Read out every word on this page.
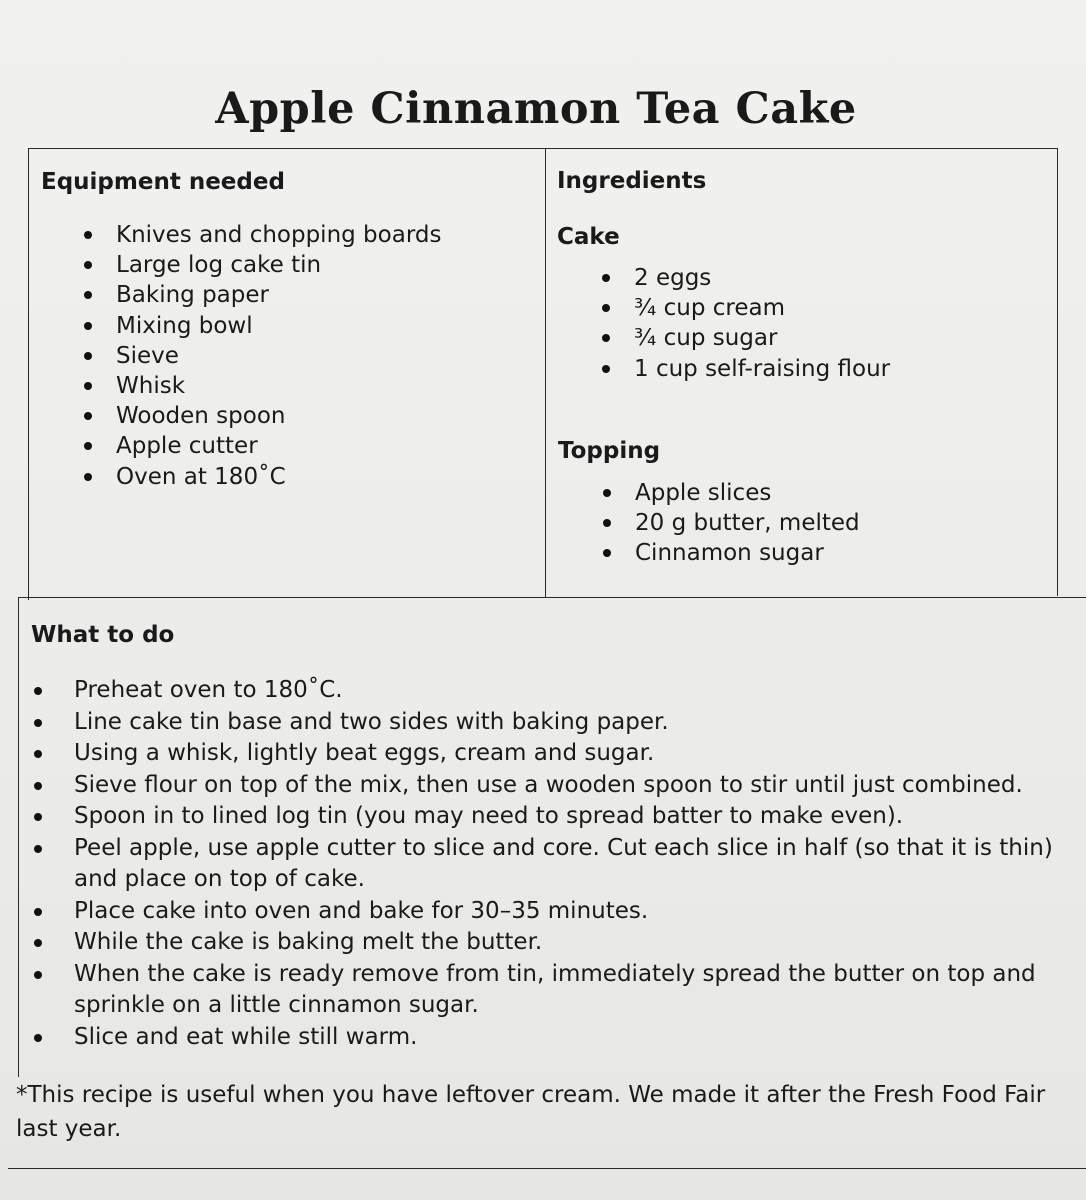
Apple Cinnamon Tea Cake
Equipment needed
Knives and chopping boards
Large log cake tin
Baking paper
Mixing bowl
Sieve
Whisk
Wooden spoon
Apple cutter
Oven at 180˚C
Ingredients
Cake
2 eggs
¾ cup cream
¾ cup sugar
1 cup self-raising flour
Topping
Apple slices
20 g butter, melted
Cinnamon sugar
What to do
Preheat oven to 180˚C.
Line cake tin base and two sides with baking paper.
Using a whisk, lightly beat eggs, cream and sugar.
Sieve flour on top of the mix, then use a wooden spoon to stir until just combined.
Spoon in to lined log tin (you may need to spread batter to make even).
Peel apple, use apple cutter to slice and core. Cut each slice in half (so that it is thin) and place on top of cake.
Place cake into oven and bake for 30–35 minutes.
While the cake is baking melt the butter.
When the cake is ready remove from tin, immediately spread the butter on top and sprinkle on a little cinnamon sugar.
Slice and eat while still warm.
*This recipe is useful when you have leftover cream. We made it after the Fresh Food Fair last year.
